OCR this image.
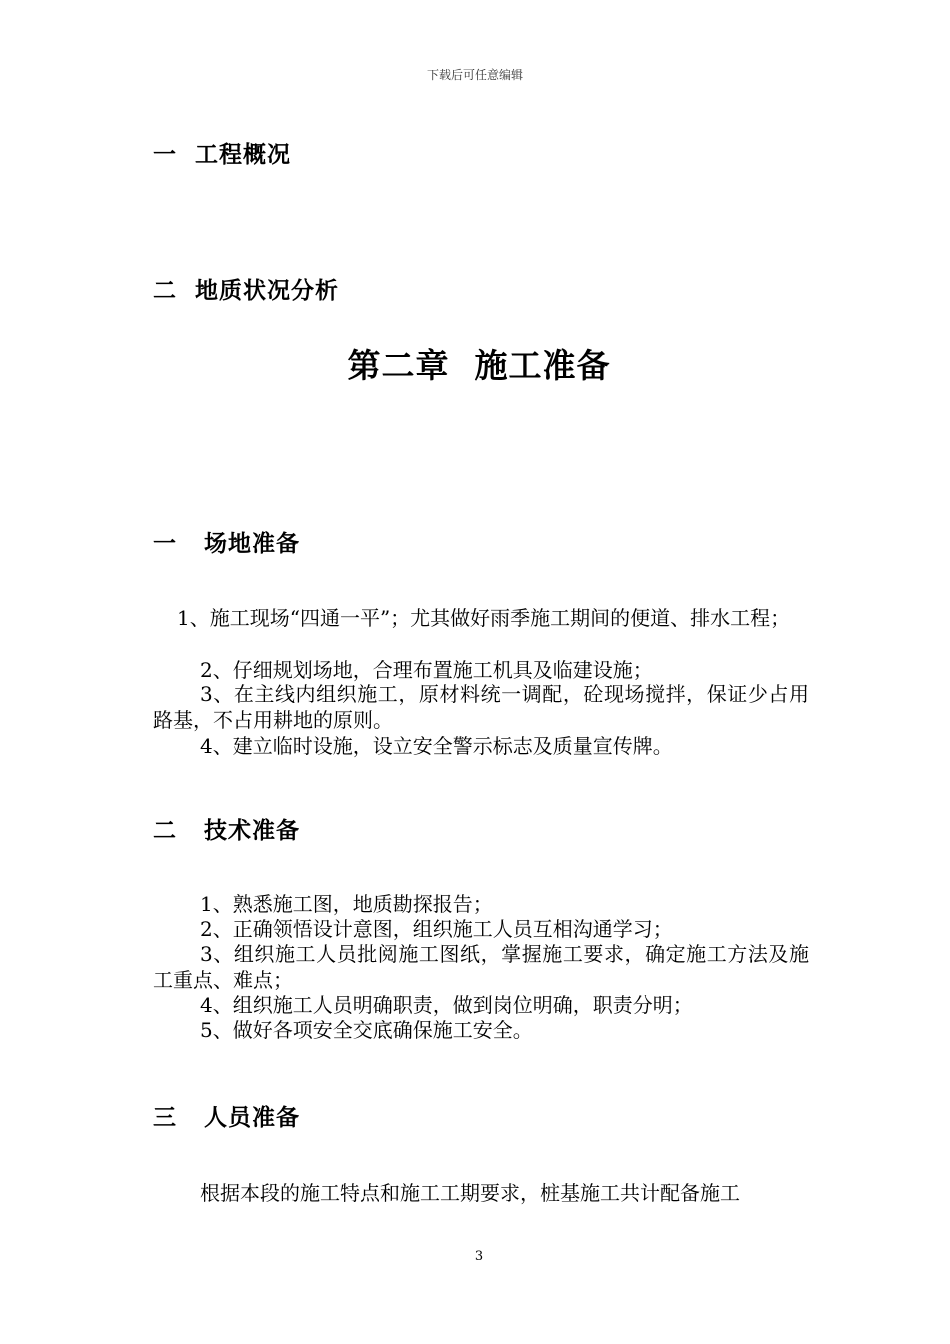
下载后可任意编辑
一  工程概况
二  地质状况分析
第二章  施工准备
一   场地准备
1、施工现场“四通一平”；尤其做好雨季施工期间的便道、排水工程；
2、仔细规划场地，合理布置施工机具及临建设施；
3、在主线内组织施工，原材料统一调配，砼现场搅拌，保证少占用路基，不占用耕地的原则。
4、建立临时设施，设立安全警示标志及质量宣传牌。
二   技术准备
1、熟悉施工图，地质勘探报告；
2、正确领悟设计意图，组织施工人员互相沟通学习；
3、组织施工人员批阅施工图纸，掌握施工要求，确定施工方法及施工重点、难点；
4、组织施工人员明确职责，做到岗位明确，职责分明；
5、做好各项安全交底确保施工安全。
三   人员准备
根据本段的施工特点和施工工期要求，桩基施工共计配备施工
3
